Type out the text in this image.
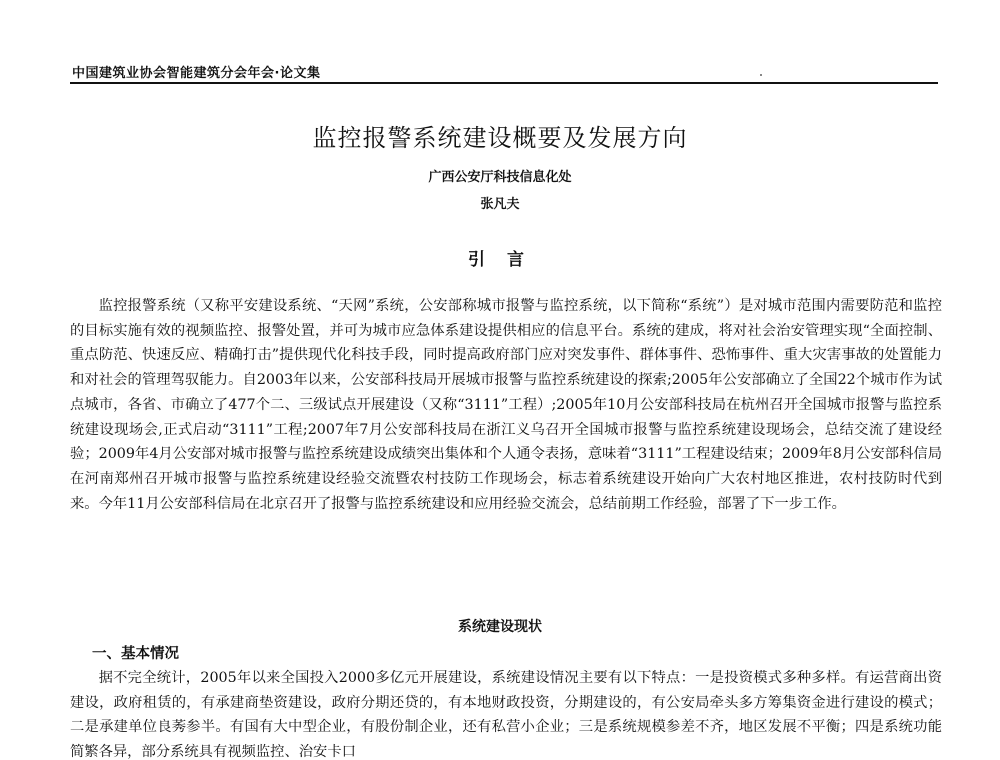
中国建筑业协会智能建筑分会年会·论文集
监控报警系统建设概要及发展方向
广西公安厅科技信息化处
张凡夫
引 言

监控报警系统（又称平安建设系统、“天网”系统，公安部称城市报警与监控系统，以下简称“系统”）是对城市范围内需要防范和监控的目标实施有效的视频监控、报警处置，并可为城市应急体系建设提供相应的信息平台。系统的建成，将对社会治安管理实现“全面控制、重点防范、快速反应、精确打击”提供现代化科技手段，同时提高政府部门应对突发事件、群体事件、恐怖事件、重大灾害事故的处置能力和对社会的管理驾驭能力。自2003年以来，公安部科技局开展城市报警与监控系统建设的探索;2005年公安部确立了全国22个城市作为试点城市，各省、市确立了477个二、三级试点开展建设（又称“3111”工程）;2005年10月公安部科技局在杭州召开全国城市报警与监控系统建设现场会,正式启动“3111”工程;2007年7月公安部科技局在浙江义乌召开全国城市报警与监控系统建设现场会，总结交流了建设经验；2009年4月公安部对城市报警与监控系统建设成绩突出集体和个人通令表扬，意味着“3111”工程建设结束；2009年8月公安部科信局在河南郑州召开城市报警与监控系统建设经验交流暨农村技防工作现场会，标志着系统建设开始向广大农村地区推进，农村技防时代到来。今年11月公安部科信局在北京召开了报警与监控系统建设和应用经验交流会，总结前期工作经验，部署了下一步工作。

系统建设现状
一、基本情况

据不完全统计，2005年以来全国投入2000多亿元开展建设，系统建设情况主要有以下特点：一是投资模式多种多样。有运营商出资建设，政府租赁的，有承建商垫资建设，政府分期还贷的，有本地财政投资，分期建设的，有公安局牵头多方筹集资金进行建设的模式；二是承建单位良莠参半。有国有大中型企业，有股份制企业，还有私营小企业；三是系统规模参差不齐，地区发展不平衡；四是系统功能简繁各异，部分系统具有视频监控、治安卡口
